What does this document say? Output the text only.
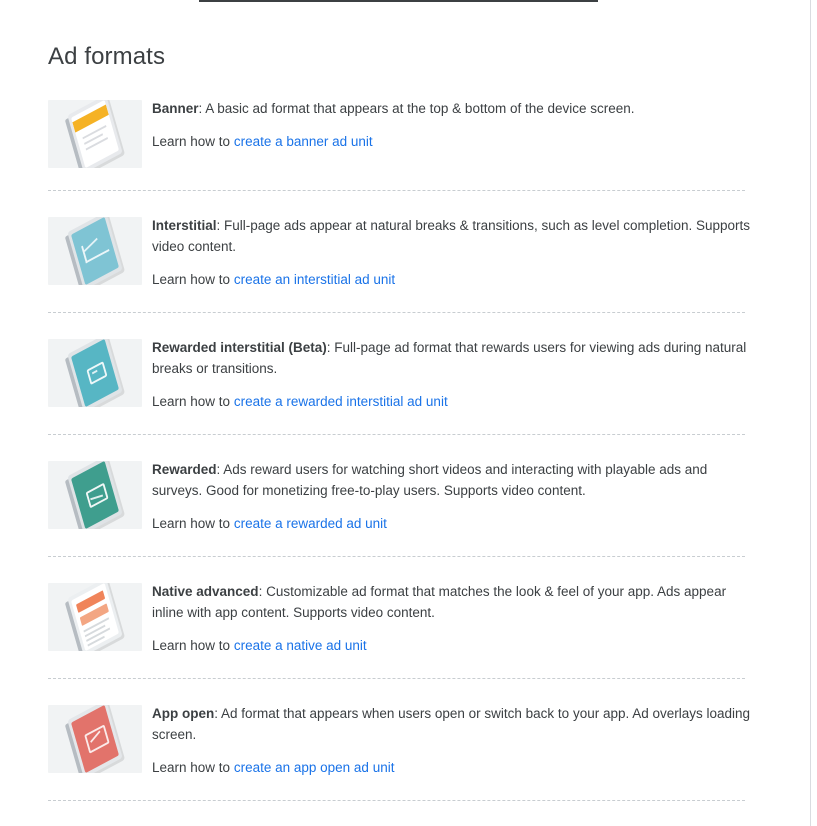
Ad formats

Banner: A basic ad format that appears at the top & bottom of the device screen.

Learn how to create a banner ad unit

Interstitial: Full-page ads appear at natural breaks & transitions, such as level completion. Supports video content.

Learn how to create an interstitial ad unit

Rewarded interstitial (Beta): Full-page ad format that rewards users for viewing ads during natural breaks or transitions.

Learn how to create a rewarded interstitial ad unit

Rewarded: Ads reward users for watching short videos and interacting with playable ads and surveys. Good for monetizing free-to-play users. Supports video content.

Learn how to create a rewarded ad unit

Native advanced: Customizable ad format that matches the look & feel of your app. Ads appear inline with app content. Supports video content.

Learn how to create a native ad unit

App open: Ad format that appears when users open or switch back to your app. Ad overlays loading screen.

Learn how to create an app open ad unit
